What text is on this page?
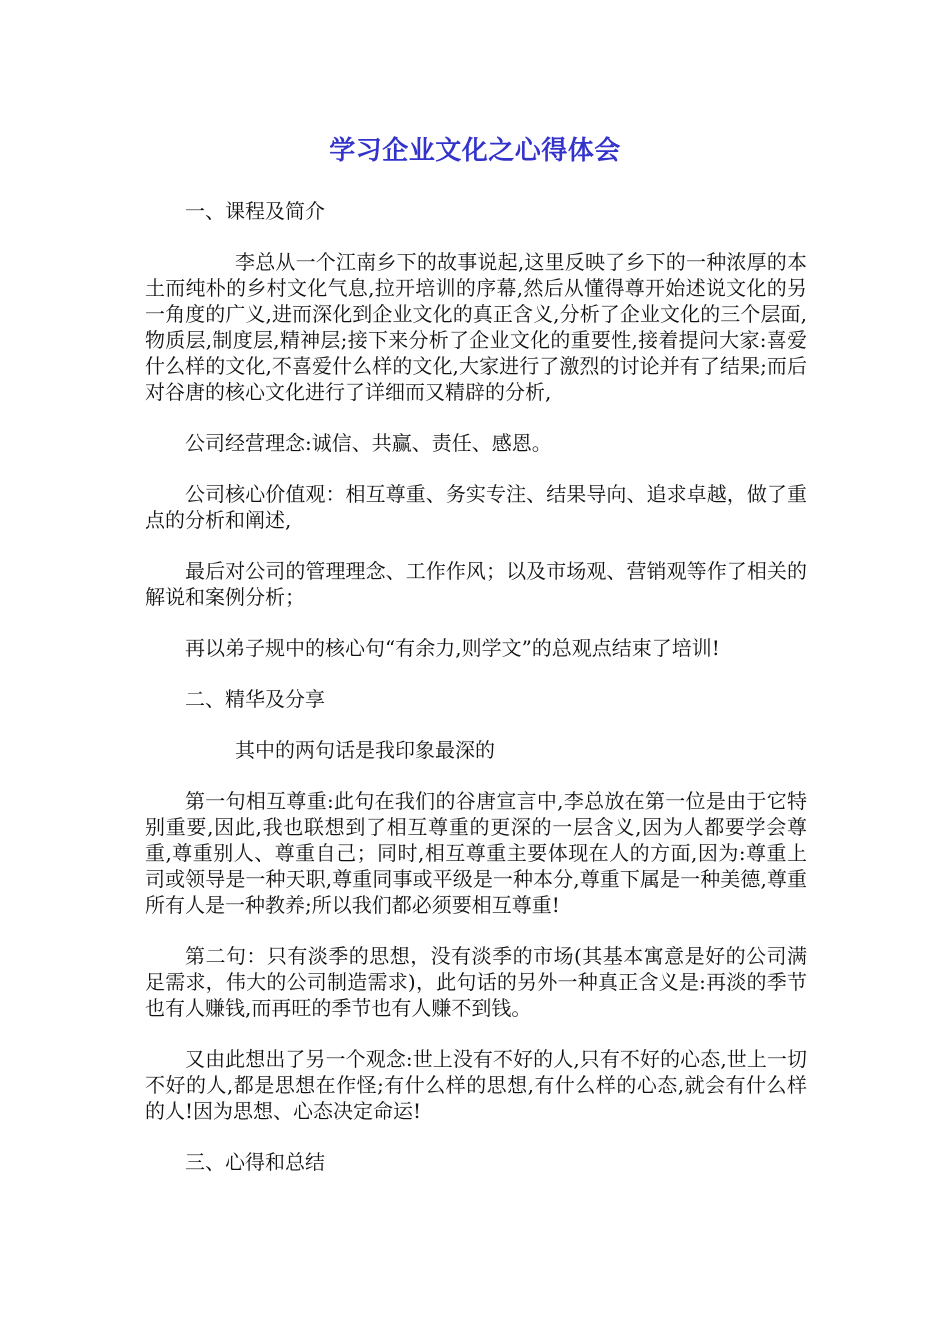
学习企业文化之心得体会

一、课程及简介

李总从一个江南乡下的故事说起,这里反映了乡下的一种浓厚的本土而纯朴的乡村文化气息,拉开培训的序幕,然后从懂得尊开始述说文化的另一角度的广义,进而深化到企业文化的真正含义,分析了企业文化的三个层面,物质层,制度层,精神层;接下来分析了企业文化的重要性,接着提问大家:喜爱什么样的文化,不喜爱什么样的文化,大家进行了激烈的讨论并有了结果;而后对谷唐的核心文化进行了详细而又精辟的分析,

公司经营理念:诚信、共赢、责任、感恩。

公司核心价值观：相互尊重、务实专注、结果导向、追求卓越，做了重点的分析和阐述,

最后对公司的管理理念、工作作风；以及市场观、营销观等作了相关的解说和案例分析；

再以弟子规中的核心句“有余力,则学文”的总观点结束了培训!

二、精华及分享

其中的两句话是我印象最深的

第一句相互尊重:此句在我们的谷唐宣言中,李总放在第一位是由于它特别重要,因此,我也联想到了相互尊重的更深的一层含义,因为人都要学会尊重,尊重别人、尊重自己；同时,相互尊重主要体现在人的方面,因为:尊重上司或领导是一种天职,尊重同事或平级是一种本分,尊重下属是一种美德,尊重所有人是一种教养;所以我们都必须要相互尊重!

第二句：只有淡季的思想，没有淡季的市场(其基本寓意是好的公司满足需求，伟大的公司制造需求)，此句话的另外一种真正含义是:再淡的季节也有人赚钱,而再旺的季节也有人赚不到钱。

又由此想出了另一个观念:世上没有不好的人,只有不好的心态,世上一切不好的人,都是思想在作怪;有什么样的思想,有什么样的心态,就会有什么样的人!因为思想、心态决定命运!

三、心得和总结
